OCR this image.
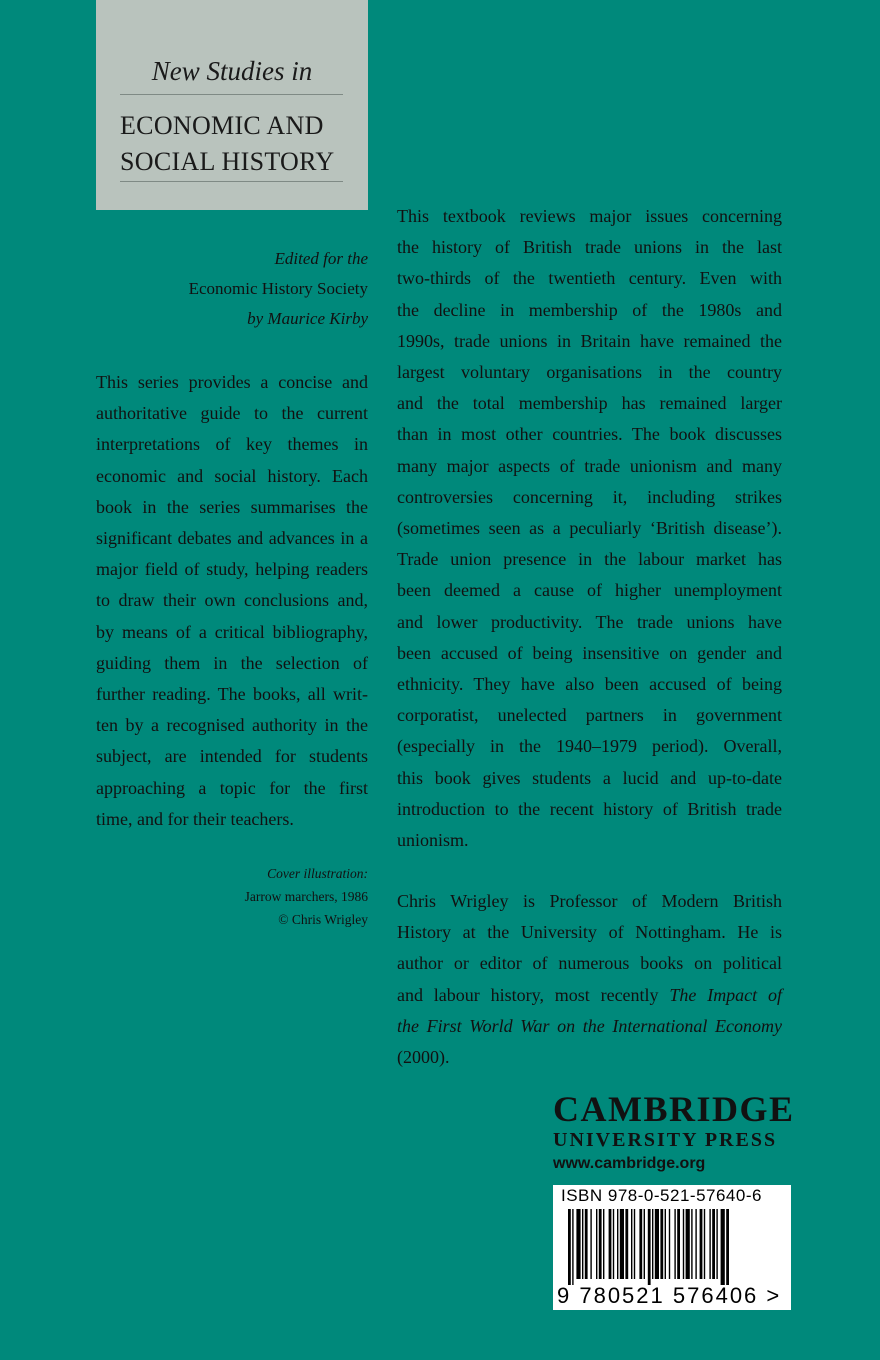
New Studies in
ECONOMIC AND
SOCIAL HISTORY
Edited for the
Economic History Society
by Maurice Kirby
This series provides a concise and
authoritative guide to the current
interpretations of key themes in
economic and social history. Each
book in the series summarises the
significant debates and advances in a
major field of study, helping readers
to draw their own conclusions and,
by means of a critical bibliography,
guiding them in the selection of
further reading. The books, all writ-
ten by a recognised authority in the
subject, are intended for students
approaching a topic for the first
time, and for their teachers.
Cover illustration:
Jarrow marchers, 1986
© Chris Wrigley
This textbook reviews major issues concerning
the history of British trade unions in the last
two-thirds of the twentieth century. Even with
the decline in membership of the 1980s and
1990s, trade unions in Britain have remained the
largest voluntary organisations in the country
and the total membership has remained larger
than in most other countries. The book discusses
many major aspects of trade unionism and many
controversies concerning it, including strikes
(sometimes seen as a peculiarly ‘British disease’).
Trade union presence in the labour market has
been deemed a cause of higher unemployment
and lower productivity. The trade unions have
been accused of being insensitive on gender and
ethnicity. They have also been accused of being
corporatist, unelected partners in government
(especially in the 1940–1979 period). Overall,
this book gives students a lucid and up-to-date
introduction to the recent history of British trade
unionism.
Chris Wrigley is Professor of Modern British
History at the University of Nottingham. He is
author or editor of numerous books on political
and labour history, most recently The Impact of
the First World War on the International Economy
(2000).
CAMBRIDGE
UNIVERSITY PRESS
www.cambridge.org
ISBN 978-0-521-57640-6
9 780521 576406 >
